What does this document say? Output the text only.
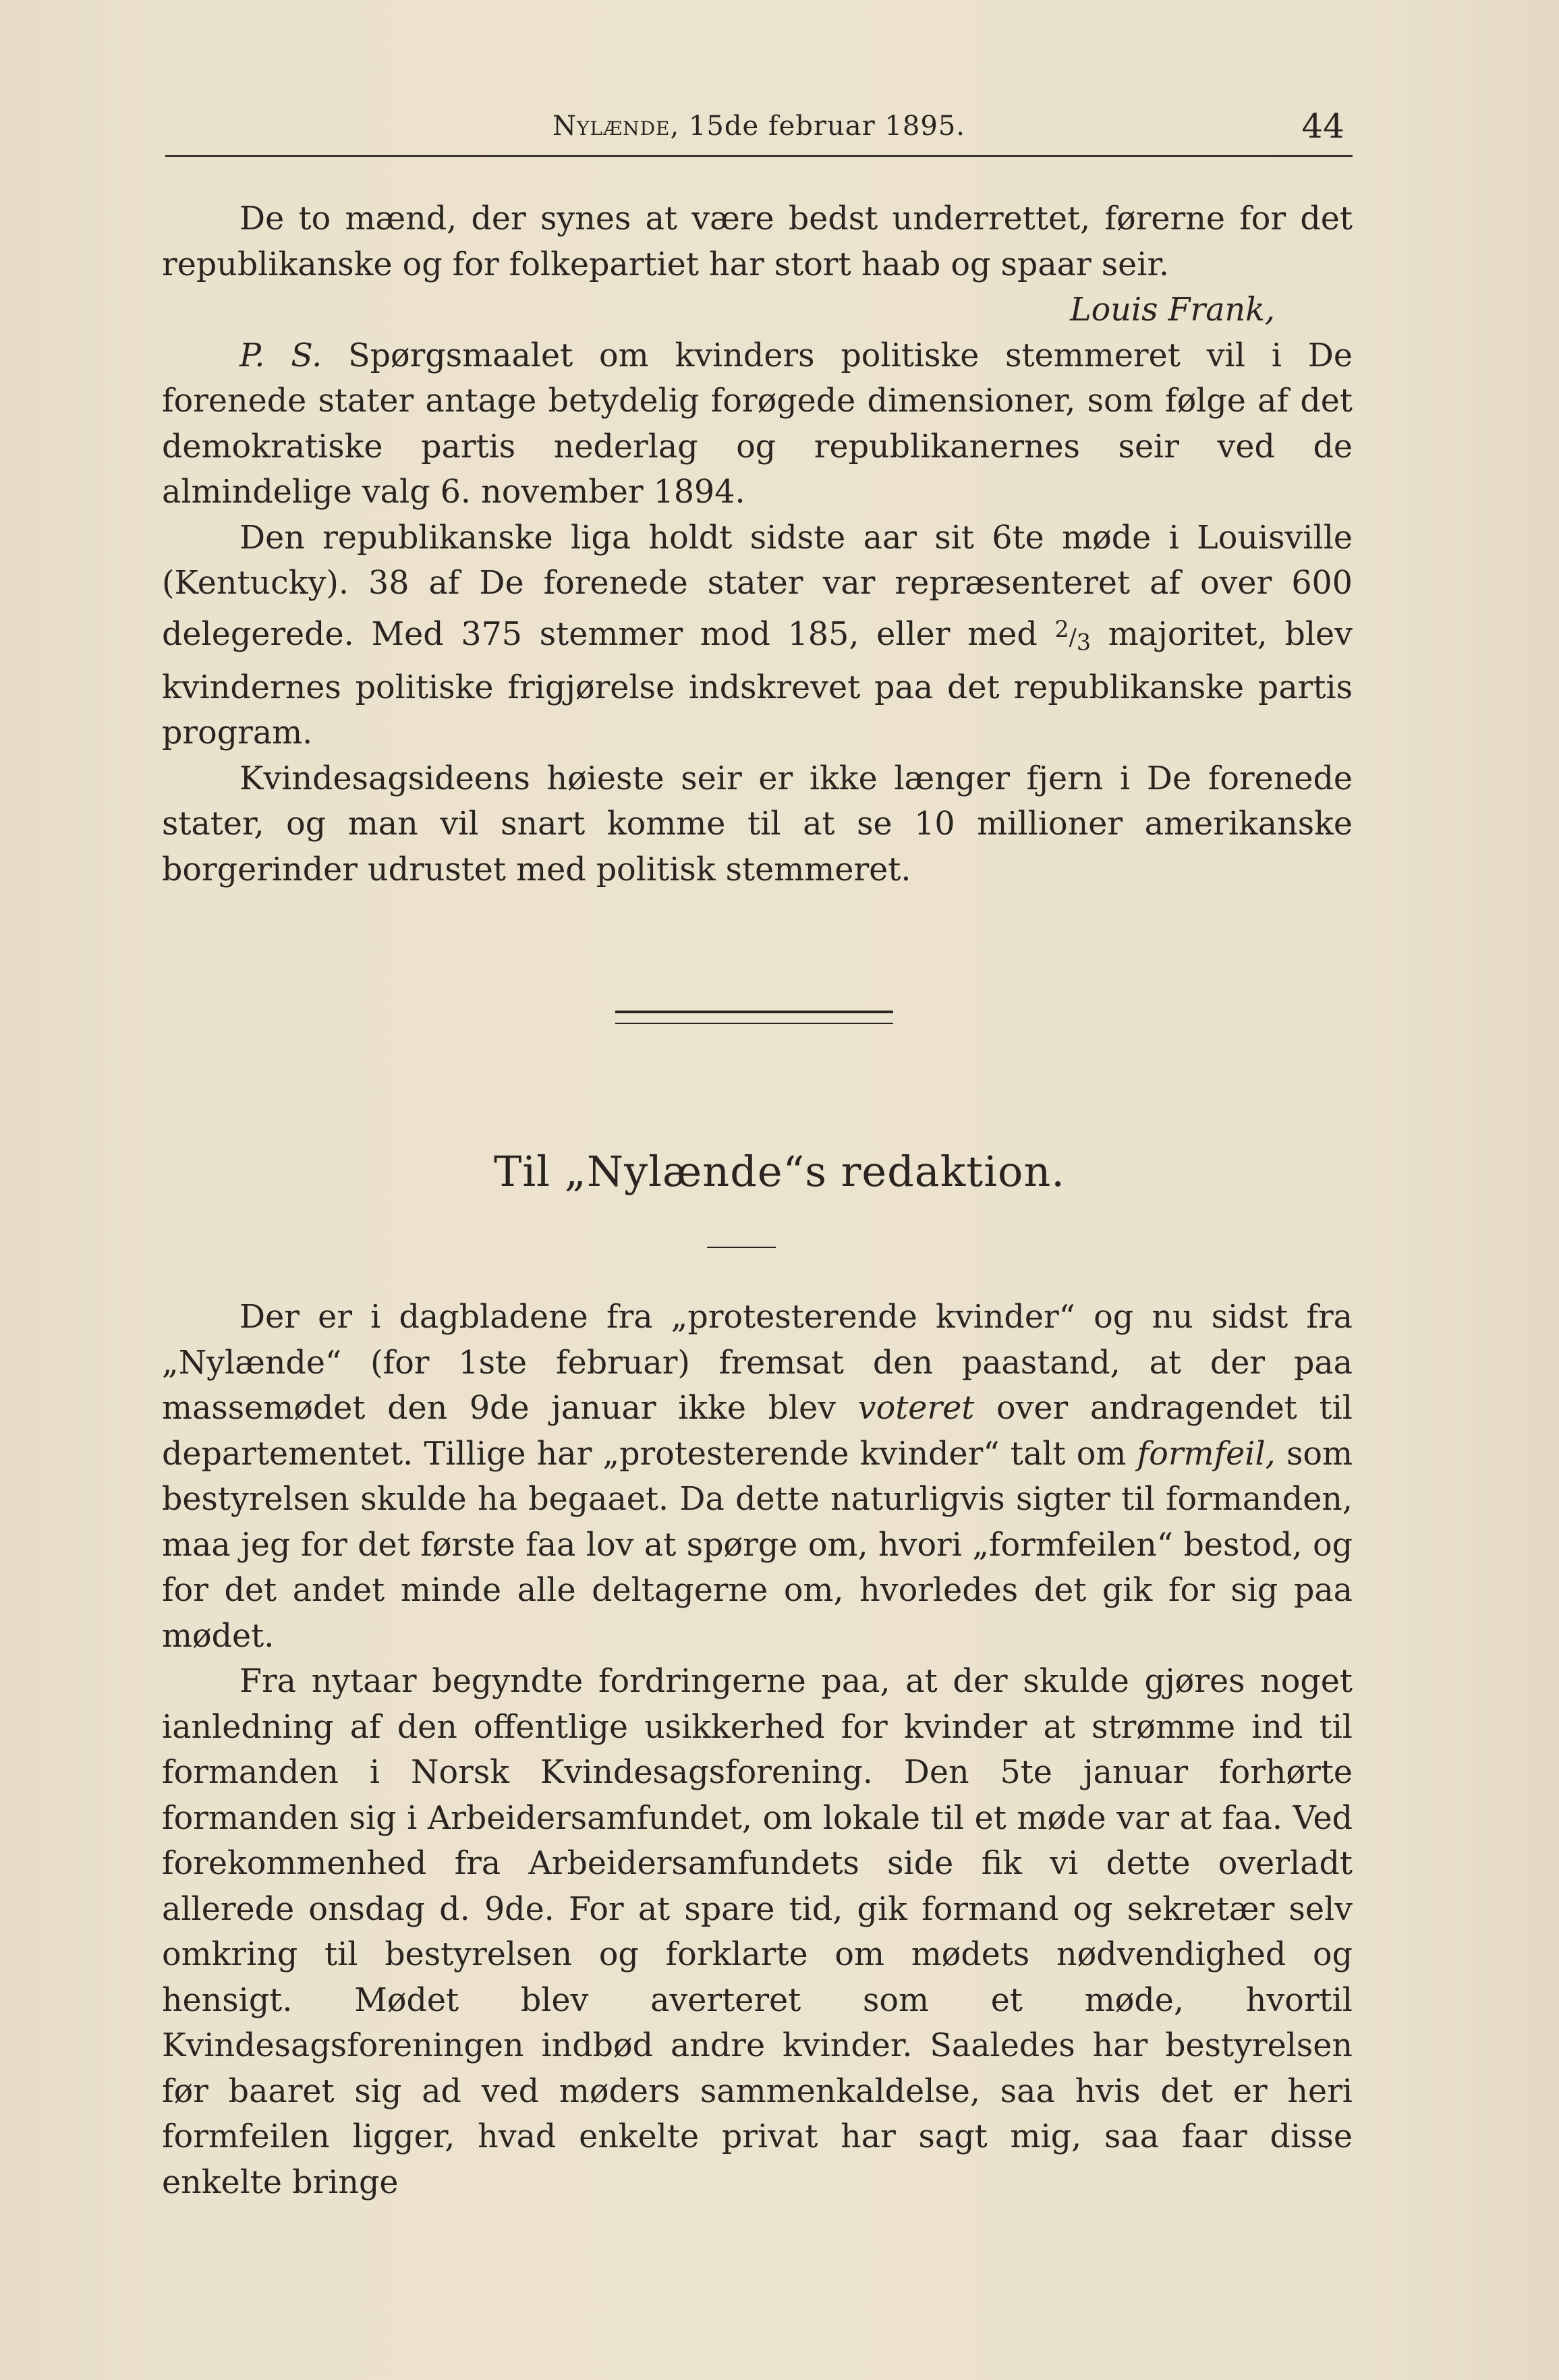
Nylænde, 15de februar 1895.	44

De to mænd, der synes at være bedst underrettet, førerne for det republikanske og for folkepartiet har stort haab og spaar seir.

Louis Frank,

P. S. Spørgsmaalet om kvinders politiske stemmeret vil i De forenede stater antage betydelig forøgede dimensioner, som følge af det demokratiske partis nederlag og republikanernes seir ved de almindelige valg 6. november 1894.

Den republikanske liga holdt sidste aar sit 6te møde i Louisville (Kentucky). 38 af De forenede stater var repræsenteret af over 600 delegerede. Med 375 stemmer mod 185, eller med $^2/_3$ majoritet, blev kvindernes politiske frigjørelse indskrevet paa det republikanske partis program.

Kvindesagsideens høieste seir er ikke længer fjern i De forenede stater, og man vil snart komme til at se 10 millioner amerikanske borgerinder udrustet med politisk stemmeret.

Til „Nylænde“s redaktion.

Der er i dagbladene fra „protesterende kvinder“ og nu sidst fra „Nylænde“ (for 1ste februar) fremsat den paastand, at der paa massemødet den 9de januar ikke blev voteret over andragendet til departementet. Tillige har „protesterende kvinder“ talt om formfeil, som bestyrelsen skulde ha begaaet. Da dette naturligvis sigter til formanden, maa jeg for det første faa lov at spørge om, hvori „formfeilen“ bestod, og for det andet minde alle deltagerne om, hvorledes det gik for sig paa mødet.

Fra nytaar begyndte fordringerne paa, at der skulde gjøres noget ianledning af den offentlige usikkerhed for kvinder at strømme ind til formanden i Norsk Kvindesagsforening. Den 5te januar forhørte formanden sig i Arbeidersamfundet, om lokale til et møde var at faa. Ved forekommenhed fra Arbeidersamfundets side fik vi dette overladt allerede onsdag d. 9de. For at spare tid, gik formand og sekretær selv omkring til bestyrelsen og forklarte om mødets nødvendighed og hensigt. Mødet blev averteret som et møde, hvortil Kvindesagsforeningen indbød andre kvinder. Saaledes har bestyrelsen før baaret sig ad ved møders sammenkaldelse, saa hvis det er heri formfeilen ligger, hvad enkelte privat har sagt mig, saa faar disse enkelte bringe
